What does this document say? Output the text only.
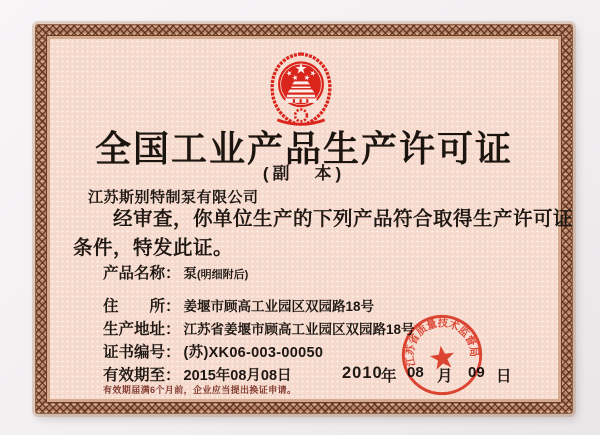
全国工业产品生产许可证
(副　本)
江苏斯别特制泵有限公司

经审查，你单位生产的下列产品符合取得生产许可证

条件，特发此证。

产品名称： 泵 (明细附后)
住　　所： 姜堰市顾高工业园区双园路18号
生产地址： 江苏省姜堰市顾高工业园区双园路18号
证书编号： (苏)XK06-003-00050
有效期至： 2015年08月08日
有效期届满6个月前，企业应当提出换证申请。
2010
年 08 月 09 日
江苏省质量技术监督局
